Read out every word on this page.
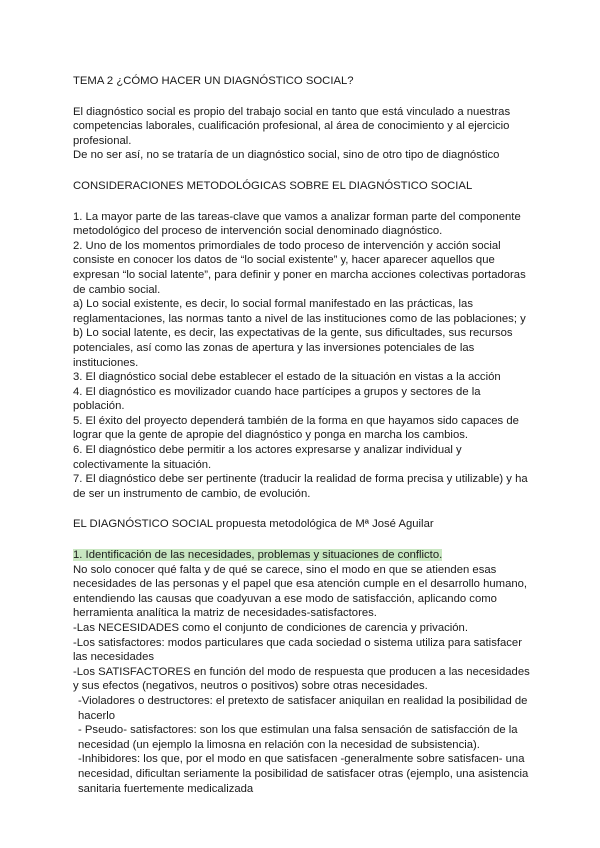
TEMA 2 ¿CÓMO HACER UN DIAGNÓSTICO SOCIAL?

El diagnóstico social es propio del trabajo social en tanto que está vinculado a nuestras competencias laborales, cualificación profesional, al área de conocimiento y al ejercicio profesional.

De no ser así, no se trataría de un diagnóstico social, sino de otro tipo de diagnóstico

CONSIDERACIONES METODOLÓGICAS SOBRE EL DIAGNÓSTICO SOCIAL

1. La mayor parte de las tareas-clave que vamos a analizar forman parte del componente metodológico del proceso de intervención social denominado diagnóstico.

2. Uno de los momentos primordiales de todo proceso de intervención y acción social consiste en conocer los datos de “lo social existente” y, hacer aparecer aquellos que expresan “lo social latente”, para definir y poner en marcha acciones colectivas portadoras de cambio social.

a) Lo social existente, es decir, lo social formal manifestado en las prácticas, las reglamentaciones, las normas tanto a nivel de las instituciones como de las poblaciones; y

b) Lo social latente, es decir, las expectativas de la gente, sus dificultades, sus recursos potenciales, así como las zonas de apertura y las inversiones potenciales de las instituciones.

3. El diagnóstico social debe establecer el estado de la situación en vistas a la acción

4. El diagnóstico es movilizador cuando hace partícipes a grupos y sectores de la población.

5. El éxito del proyecto dependerá también de la forma en que hayamos sido capaces de lograr que la gente de apropie del diagnóstico y ponga en marcha los cambios.

6. El diagnóstico debe permitir a los actores expresarse y analizar individual y colectivamente la situación.

7. El diagnóstico debe ser pertinente (traducir la realidad de forma precisa y utilizable) y ha de ser un instrumento de cambio, de evolución.

EL DIAGNÓSTICO SOCIAL propuesta metodológica de Mª José Aguilar

1. Identificación de las necesidades, problemas y situaciones de conflicto.

No solo conocer qué falta y de qué se carece, sino el modo en que se atienden esas necesidades de las personas y el papel que esa atención cumple en el desarrollo humano, entendiendo las causas que coadyuvan a ese modo de satisfacción, aplicando como herramienta analítica la matriz de necesidades-satisfactores.

-Las NECESIDADES como el conjunto de condiciones de carencia y privación.

-Los satisfactores: modos particulares que cada sociedad o sistema utiliza para satisfacer las necesidades

-Los SATISFACTORES en función del modo de respuesta que producen a las necesidades y sus efectos (negativos, neutros o positivos) sobre otras necesidades.

-Violadores o destructores: el pretexto de satisfacer aniquilan en realidad la posibilidad de hacerlo

- Pseudo- satisfactores: son los que estimulan una falsa sensación de satisfacción de la necesidad (un ejemplo la limosna en relación con la necesidad de subsistencia).

-Inhibidores: los que, por el modo en que satisfacen -generalmente sobre satisfacen- una necesidad, dificultan seriamente la posibilidad de satisfacer otras (ejemplo, una asistencia sanitaria fuertemente medicalizada
